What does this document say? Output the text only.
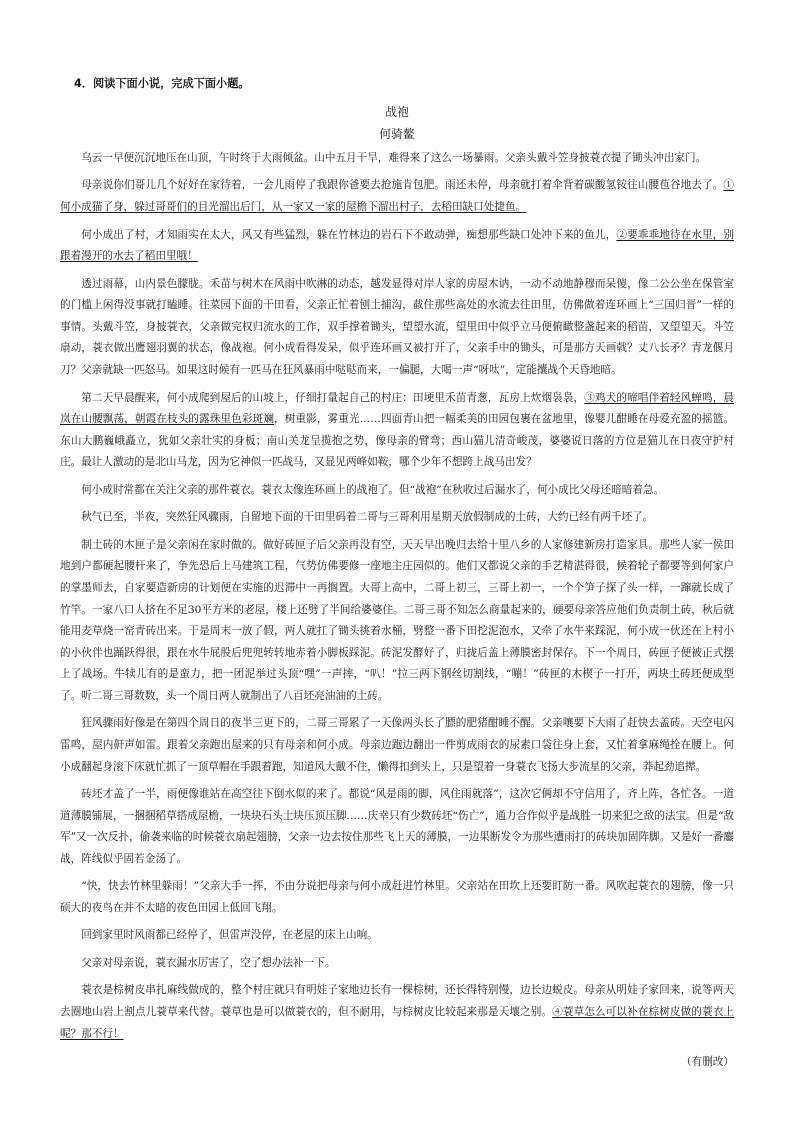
4．阅读下面小说，完成下面小题。
战袍
何骑鳌

乌云一早便沉沉地压在山顶，午时终于大雨倾盆。山中五月干旱，难得来了这么一场暴雨。父亲头戴斗笠身披蓑衣提了锄头冲出家门。

母亲说你们哥儿几个好好在家待着，一会儿雨停了我跟你爸要去抢施肯包肥。雨还未停，母亲就打着伞背着碳酸氢铵往山腰苞谷地去了。①何小成猫了身，躲过哥哥们的目光溜出后门，从一家又一家的屋檐下溜出村子，去稻田缺口处捷鱼。

何小成出了村，才知雨实在太大，风又有些猛烈，躲在竹林边的岩石下不敢动弹，痴想那些缺口处冲下来的鱼儿，②要乖乖地待在水里，别跟着漫开的水去了稻田里哦！

透过雨幕，山内景色朦胧。禾苗与树木在风雨中吹淋的动态，越发显得对岸人家的房屋木讷，一动不动地静穆而呆傻，像二公公坐在保管室的门槛上闲得没事就打瞌睡。往菜园下面的干田看，父亲正忙着刨土捕沟，截住那些高处的水流去往田里，仿佛做着连环画上“三国归晋”一样的事情。头戴斗笠，身披蓑衣，父亲做完权归流水的工作，双手撑着锄头，望望水流，望里田中似乎立马便俯瞰整盏起来的稻苗，又望望天。斗笠扇动，蓑衣做出鹰翅羽翼的状态，像战袍。何小成看得发呆，似乎连环画又被打开了，父亲手中的锄头，可是那方天画戟？丈八长矛？青龙偃月刀？父亲就缺一匹怒马。如果这时候有一匹马在狂风暴雨中哒哒而来，一偏腿，大喝一声“呀呔”，定能攮战个天昏地暗。

第二天早晨醒来，何小成爬到屋后的山坡上，仔细打量起自己的村庄：田埂里禾苗青葱，瓦房上炊烟袅袅，③鸡犬的啼唱伴着轻风蝉鸣，晨岚在山腰飘荡，朝霞在枝头的露珠里色彩斑斓，树重影，雾重光……四面青山把一幅柔美的田园包裹在盆地里，像婴儿酣睡在母爱充盈的摇篮。东山大鹏巍峨矗立，犹如父亲壮实的身板；南山关龙呈揽抱之势，像母亲的臂弯；西山猫儿清奇峻茂，婆婆说日落的方位是猫儿在日夜守护村庄。最让人激动的是北山马龙，因为它神似一匹战马，又显见两峰如鞍，哪个少年不想跨上战马出发？

何小成时常都在关注父亲的那件蓑衣。蓑衣太像连环画上的战袍了。但“战袍”在秋收过后漏水了，何小成比父母还暗暗着急。

秋气已至，半夜，突然狂风骤雨，自留地下面的干田里码着二哥与三哥利用星期天放假制成的土砖，大约已经有两千坯了。

制土砖的木匣子是父亲闲在家时做的。做好砖匣子后父亲再没有空，天天早出晚归去给十里八乡的人家修建新房打造家具。那些人家一侯田地到户都硬起腰杆来了，争先恐后上马建筑工程，气势仿佛要修一座地主庄园似的。他们又都说父亲的手艺精湛得很，候着轮子都要等到何家户的掌墨师去，自家要造新房的计划便在实施的迟滞中一再搁置。大哥上高中，二哥上初三，三哥上初一，一个个笋子探了头一样，一蹿就长成了竹竿。一家八口人挤在不足30平方米的老屋，楼上还劈了半间给婆婆住。二哥三哥不知怎么商量起来的，硬要母亲答应他们负责制土砖，秋后就能用麦草烧一窑青砖出来。于是周末一放了假，两人就扛了锄头挑着水桶，劈整一番下田挖泥泡水，又牵了水牛来踩泥，何小成一伙还在上村小的小伙伴也踊跃得很，跟在水牛屁股后兜兜转转地赤着小脚板踩泥。砖泥发酵好了，归拢后盖上薄膜密封保存。下一个周日，砖匣子便被正式摆上了战场。牛犊儿有的是蛮力，把一团泥举过头顶“嘿”一声摔，“叭！”拉三两下钢丝切割线，“嘣！”砖匣的木楔子一打开，两块土砖坯便成型了。听二哥三哥数数，头一个周日两人就制出了八百坯亮油油的土砖。

狂风骤雨好像是在第四个周日的夜半三更下的，二哥三哥累了一天像两头长了膘的肥猪酣睡不醒。父亲嚷要下大雨了赶快去盖砖。天空电闪雷鸣，屋内鼾声如雷。跟着父亲跑出屋来的只有母亲和何小成。母亲边跑边翻出一件剪成雨衣的尿素口袋往身上套，又忙着拿麻绳拴在腰上。何小成翻起身滚下床就忙抓了一顶草帽在手跟着跑，知道风大戴不住，懒得扣到头上，只是望着一身蓑衣飞扬大步流星的父亲，莽起劲追撵。

砖坯才盖了一半，雨便像谁站在高空往下倒水似的来了。都说“风是雨的脚，风住雨就落”，这次它俩却不守信用了，齐上阵，各忙各。一道道薄膜铺展，一捆捆稻草搭成屋檐，一块块石头土块压顶压脚……庆幸只有少数砖坯“伤亡”，通力合作似乎是战胜一切来犯之敌的法宝。但是“敌军”又一次反扑，偷袭来临的时候蓑衣扇起翅膀，父亲一边去按住那些飞上天的薄膜，一边果断发令为那些遭雨打的砖块加固阵脚。又是好一番鏖战，阵线似乎固若金汤了。

“快，快去竹林里躲雨！”父亲大手一挥，不由分说把母亲与何小成赶进竹林里。父亲站在田坎上还要盯防一番。风吹起蓑衣的翅膀，像一只硕大的夜鸟在并不太暗的夜色田园上低回飞翔。

回到家里时风雨都已经停了，但雷声没停，在老屋的床上山响。

父亲对母亲说，蓑衣漏水厉害了，空了想办法补一下。

蓑衣是棕树皮串扎麻线做成的，整个村庄就只有明娃子家地边长有一棵棕树，还长得特别慢，边长边蜕皮。母亲从明娃子家回来，说等两天去圈地山岩上割点儿蓑草来代替。蓑草也是可以做蓑衣的，但不耐用，与棕树皮比较起来那是天壤之别。④蓑草怎么可以补在棕树皮做的蓑衣上呢？那不行！

（有删改）
